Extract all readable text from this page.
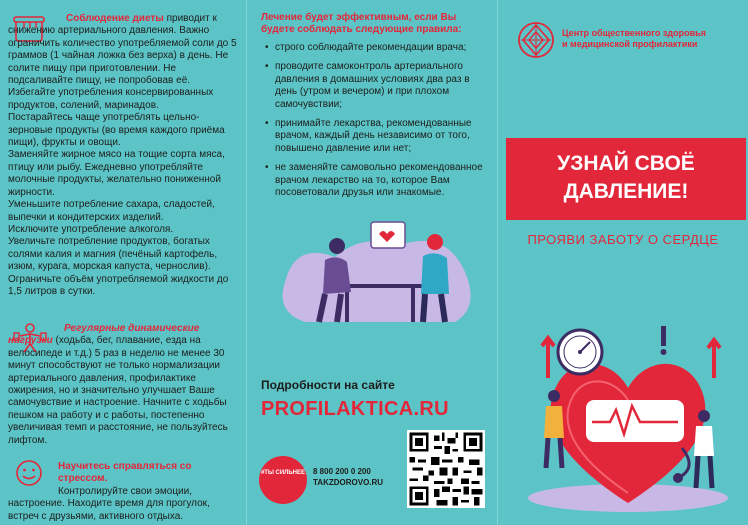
Соблюдение диеты приводит к снижению артериального давления. Важно ограничить количество употребляемой соли до 5 граммов (1 чайная ложка без верха) в день. Не солите пищу при приготовлении. Не подсаливайте пищу, не попробовав её. Избегайте употребления консервированных продуктов, солений, маринадов.

Постарайтесь чаще употреблять цельно-зерновые продукты (во время каждого приёма пищи), фрукты и овощи.

Заменяйте жирное мясо на тощие сорта мяса, птицу или рыбу. Ежедневно употребляйте молочные продукты, желательно пониженной жирности.

Уменьшите потребление сахара, сладостей, выпечки и кондитерских изделий.

Исключите употребление алкоголя.

Увеличьте потребление продуктов, богатых солями калия и магния (печёный картофель, изюм, курага, морская капуста, чернослив).

Ограничьте объём употребляемой жидкости до 1,5 литров в сутки.

Регулярные динамические нагрузки (ходьба, бег, плавание, езда на велосипеде и т.д.) 5 раз в неделю не менее 30 минут способствуют не только нормализации артериального давления, профилактике ожирения, но и значительно улучшает Ваше самочувствие и настроение. Начните с ходьбы пешком на работу и с работы, постепенно увеличивая темп и расстояние, не пользуйтесь лифтом.

Научитесь справляться со стрессом.

Контролируйте свои эмоции, настроение. Находите время для прогулок, встреч с друзьями, активного отдыха.

Лечение будет эффективным, если Вы будете соблюдать следующие правила:

• строго соблюдайте рекомендации врача;
• проводите самоконтроль артериального давления в домашних условиях два раз в день (утром и вечером) и при плохом самочувствии;
• принимайте лекарства, рекомендованные врачом, каждый день независимо от того, повышено давление или нет;
• не заменяйте самовольно рекомендованное врачом лекарство на то, которое Вам посоветовали друзья или знакомые.
Подробности на сайте
PROFILAKTICA.RU
#ТЫ СИЛЬНЕЕ 8 800 200 0 200
TAKZDOROVO.RU
Центр общественного здоровья и медицинской профилактики
УЗНАЙ СВОЁ
ДАВЛЕНИЕ!
ПРОЯВИ ЗАБОТУ О СЕРДЦЕ
